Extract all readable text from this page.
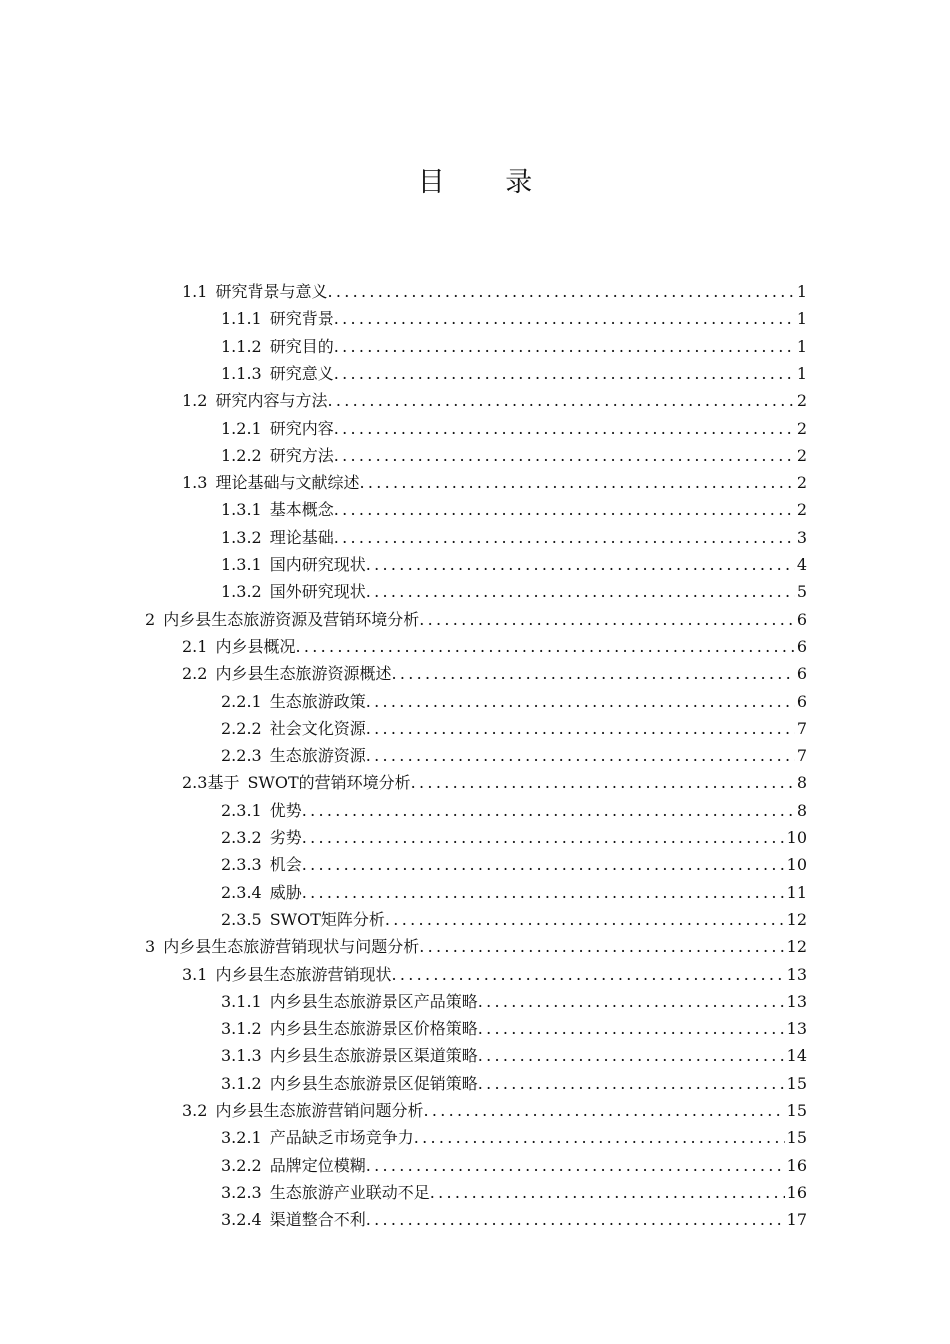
目 录
1.1 研究背景与意义 .....	1
1.1.1 研究背景 .....	1
1.1.2 研究目的 .....	1
1.1.3 研究意义 .....	1
1.2 研究内容与方法 .....	2
1.2.1 研究内容 .....	2
1.2.2 研究方法 .....	2
1.3 理论基础与文献综述 .....	2
1.3.1 基本概念 .....	2
1.3.2 理论基础 .....	3
1.3.1 国内研究现状 .....	4
1.3.2 国外研究现状 .....	5
2 内乡县生态旅游资源及营销环境分析 .....	6
2.1 内乡县概况 .....	6
2.2 内乡县生态旅游资源概述 .....	6
2.2.1 生态旅游政策 .....	6
2.2.2 社会文化资源 .....	7
2.2.3 生态旅游资源 .....	7
2.3基于 SWOT的营销环境分析 .....	8
2.3.1 优势 .....	8
2.3.2 劣势 .....	10
2.3.3 机会 .....	10
2.3.4 威胁 .....	11
2.3.5 SWOT矩阵分析 .....	12
3 内乡县生态旅游营销现状与问题分析 .....	12
3.1 内乡县生态旅游营销现状 .....	13
3.1.1 内乡县生态旅游景区产品策略 .....	13
3.1.2 内乡县生态旅游景区价格策略 .....	13
3.1.3 内乡县生态旅游景区渠道策略 .....	14
3.1.2 内乡县生态旅游景区促销策略 .....	15
3.2 内乡县生态旅游营销问题分析 .....	15
3.2.1 产品缺乏市场竞争力 .....	15
3.2.2 品牌定位模糊 .....	16
3.2.3 生态旅游产业联动不足 .....	16
3.2.4 渠道整合不利 .....	17
